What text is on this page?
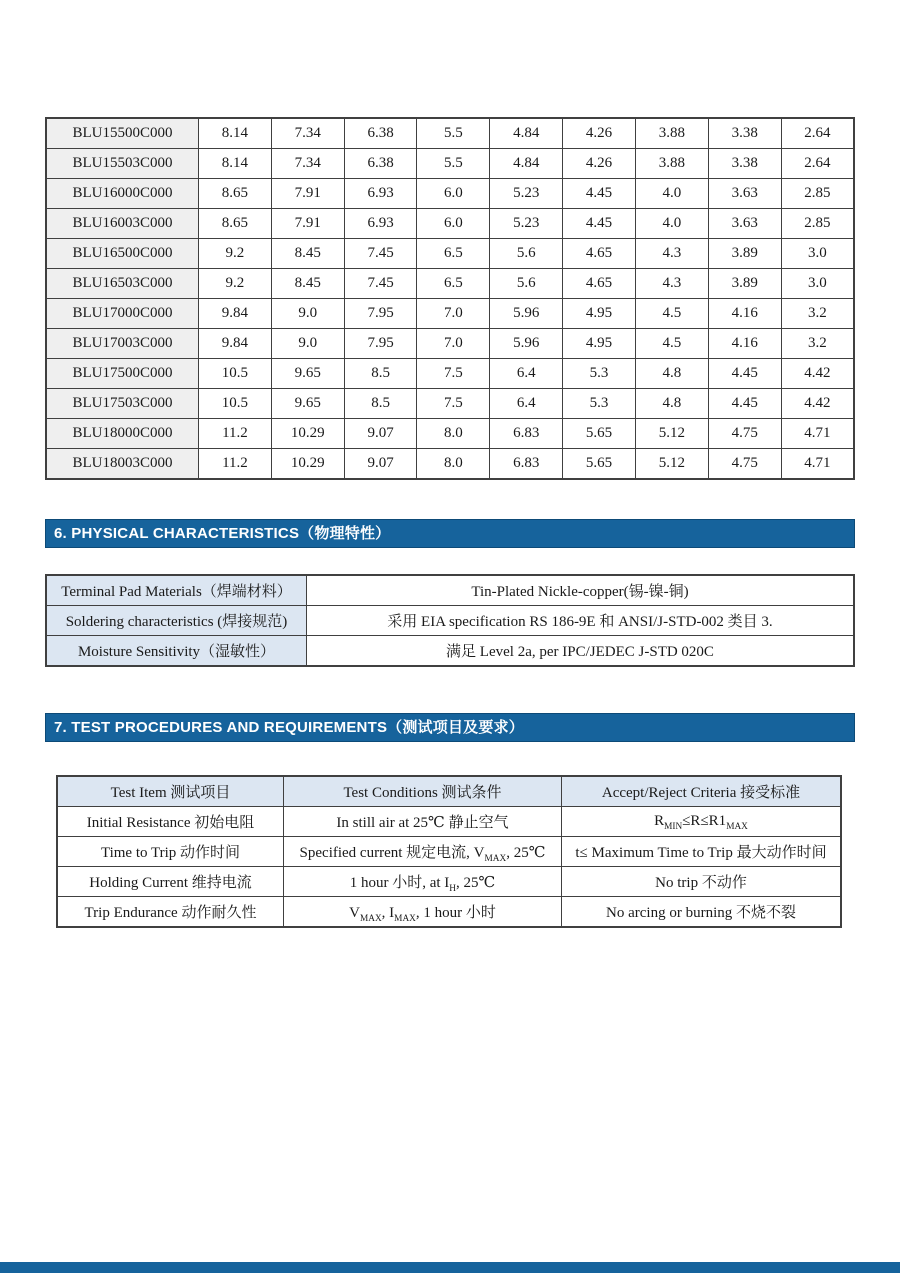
BLU15500C000	8.14	7.34	6.38	5.5	4.84	4.26	3.88	3.38	2.64
BLU15503C000	8.14	7.34	6.38	5.5	4.84	4.26	3.88	3.38	2.64
BLU16000C000	8.65	7.91	6.93	6.0	5.23	4.45	4.0	3.63	2.85
BLU16003C000	8.65	7.91	6.93	6.0	5.23	4.45	4.0	3.63	2.85
BLU16500C000	9.2	8.45	7.45	6.5	5.6	4.65	4.3	3.89	3.0
BLU16503C000	9.2	8.45	7.45	6.5	5.6	4.65	4.3	3.89	3.0
BLU17000C000	9.84	9.0	7.95	7.0	5.96	4.95	4.5	4.16	3.2
BLU17003C000	9.84	9.0	7.95	7.0	5.96	4.95	4.5	4.16	3.2
BLU17500C000	10.5	9.65	8.5	7.5	6.4	5.3	4.8	4.45	4.42
BLU17503C000	10.5	9.65	8.5	7.5	6.4	5.3	4.8	4.45	4.42
BLU18000C000	11.2	10.29	9.07	8.0	6.83	5.65	5.12	4.75	4.71
BLU18003C000	11.2	10.29	9.07	8.0	6.83	5.65	5.12	4.75	4.71
6. PHYSICAL CHARACTERISTICS（物理特性）
Terminal Pad Materials（焊端材料）	Tin-Plated Nickle-copper(锡-镍-铜)
Soldering characteristics (焊接规范)	采用 EIA specification RS 186-9E 和 ANSI/J-STD-002 类目 3.
Moisture Sensitivity（湿敏性）	满足 Level 2a, per IPC/JEDEC J-STD 020C
7. TEST PROCEDURES AND REQUIREMENTS（测试项目及要求）
Test Item 测试项目	Test Conditions 测试条件	Accept/Reject Criteria 接受标准
Initial Resistance 初始电阻	In still air at 25℃ 静止空气	$R_{MIN}\le R\le R1_{MAX}$
Time to Trip 动作时间	Specified current 规定电流, $V_{MAX}$, 25℃	t≤ Maximum Time to Trip 最大动作时间
Holding Current 维持电流	1 hour 小时, at $I_H$, 25℃	No trip 不动作
Trip Endurance 动作耐久性	$V_{MAX}$, $I_{MAX}$, 1 hour 小时	No arcing or burning 不烧不裂
